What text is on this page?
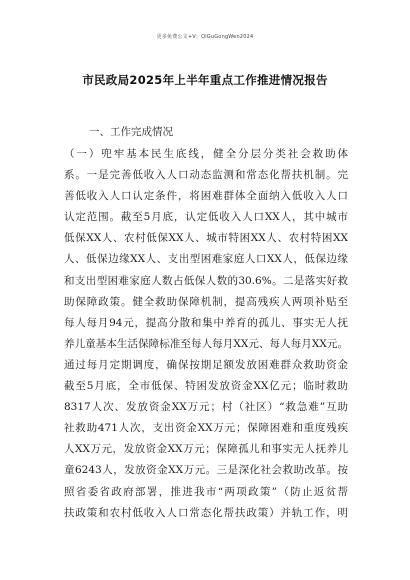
更多免费公文+V：QiGuGongWen2024
市民政局2025年上半年重点工作推进情况报告
一、工作完成情况
（一）兜牢基本民生底线，健全分层分类社会救助体
系。一是完善低收入人口动态监测和常态化帮扶机制。完
善低收入人口认定条件，将困难群体全面纳入低收入人口
认定范围。截至5月底，认定低收入人口XX人，其中城市
低保XX人、农村低保XX人、城市特困XX人、农村特困XX
人、低保边缘XX人、支出型困难家庭人口XX人，低保边缘
和支出型困难家庭人数占低保人数的30.6%。二是落实好救
助保障政策。健全救助保障机制，提高残疾人两项补贴至
每人每月94元，提高分散和集中养育的孤儿、事实无人抚
养儿童基本生活保障标准至每人每月XX元、每人每月XX元。
通过每月定期调度，确保按期足额发放困难群众救助资金
截至5月底，全市低保、特困发放资金XX亿元；临时救助
8317人次、发放资金XX万元；村（社区）“救急难”互助
社救助471人次，支出资金XX万元；保障困难和重度残疾
人XX万元，发放资金XX万元；保障孤儿和事实无人抚养儿
童6243人，发放资金XX万元。三是深化社会救助改革。按
照省委省政府部署，推进我市“两项政策”（防止返贫帮
扶政策和农村低收入人口常态化帮扶政策）并轨工作，明
